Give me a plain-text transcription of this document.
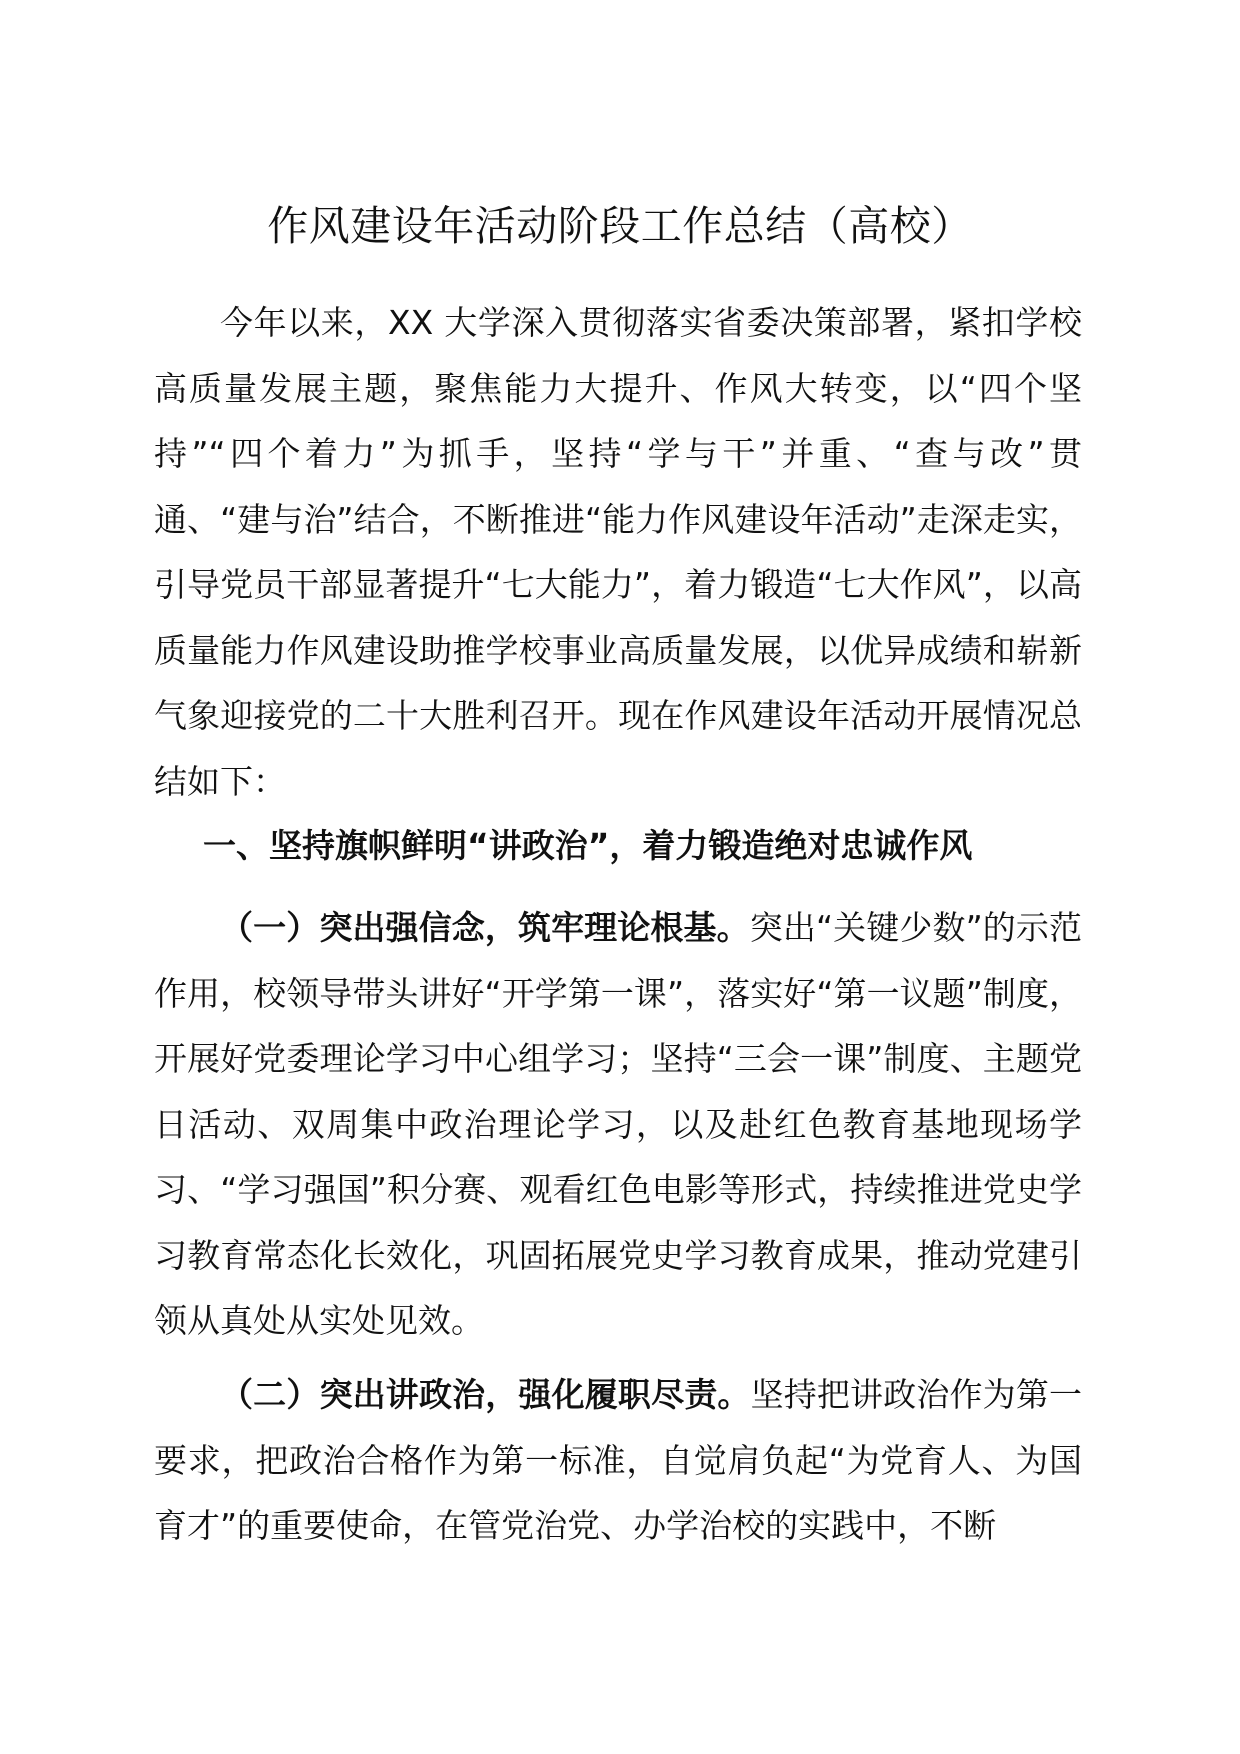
作风建设年活动阶段工作总结（高校）

今年以来，XX 大学深入贯彻落实省委决策部署，紧扣学校高质量发展主题，聚焦能力大提升、作风大转变，以“四个坚持”“四个着力”为抓手，坚持“学与干”并重、“查与改”贯通、“建与治”结合，不断推进“能力作风建设年活动”走深走实，引导党员干部显著提升“七大能力”，着力锻造“七大作风”，以高质量能力作风建设助推学校事业高质量发展，以优异成绩和崭新气象迎接党的二十大胜利召开。现在作风建设年活动开展情况总结如下：

一、坚持旗帜鲜明“讲政治”，着力锻造绝对忠诚作风

（一）突出强信念，筑牢理论根基。突出“关键少数”的示范作用，校领导带头讲好“开学第一课”，落实好“第一议题”制度，开展好党委理论学习中心组学习；坚持“三会一课”制度、主题党日活动、双周集中政治理论学习，以及赴红色教育基地现场学习、“学习强国”积分赛、观看红色电影等形式，持续推进党史学习教育常态化长效化，巩固拓展党史学习教育成果，推动党建引领从真处从实处见效。

（二）突出讲政治，强化履职尽责。坚持把讲政治作为第一要求，把政治合格作为第一标准，自觉肩负起“为党育人、为国育才”的重要使命，在管党治党、办学治校的实践中，不断
